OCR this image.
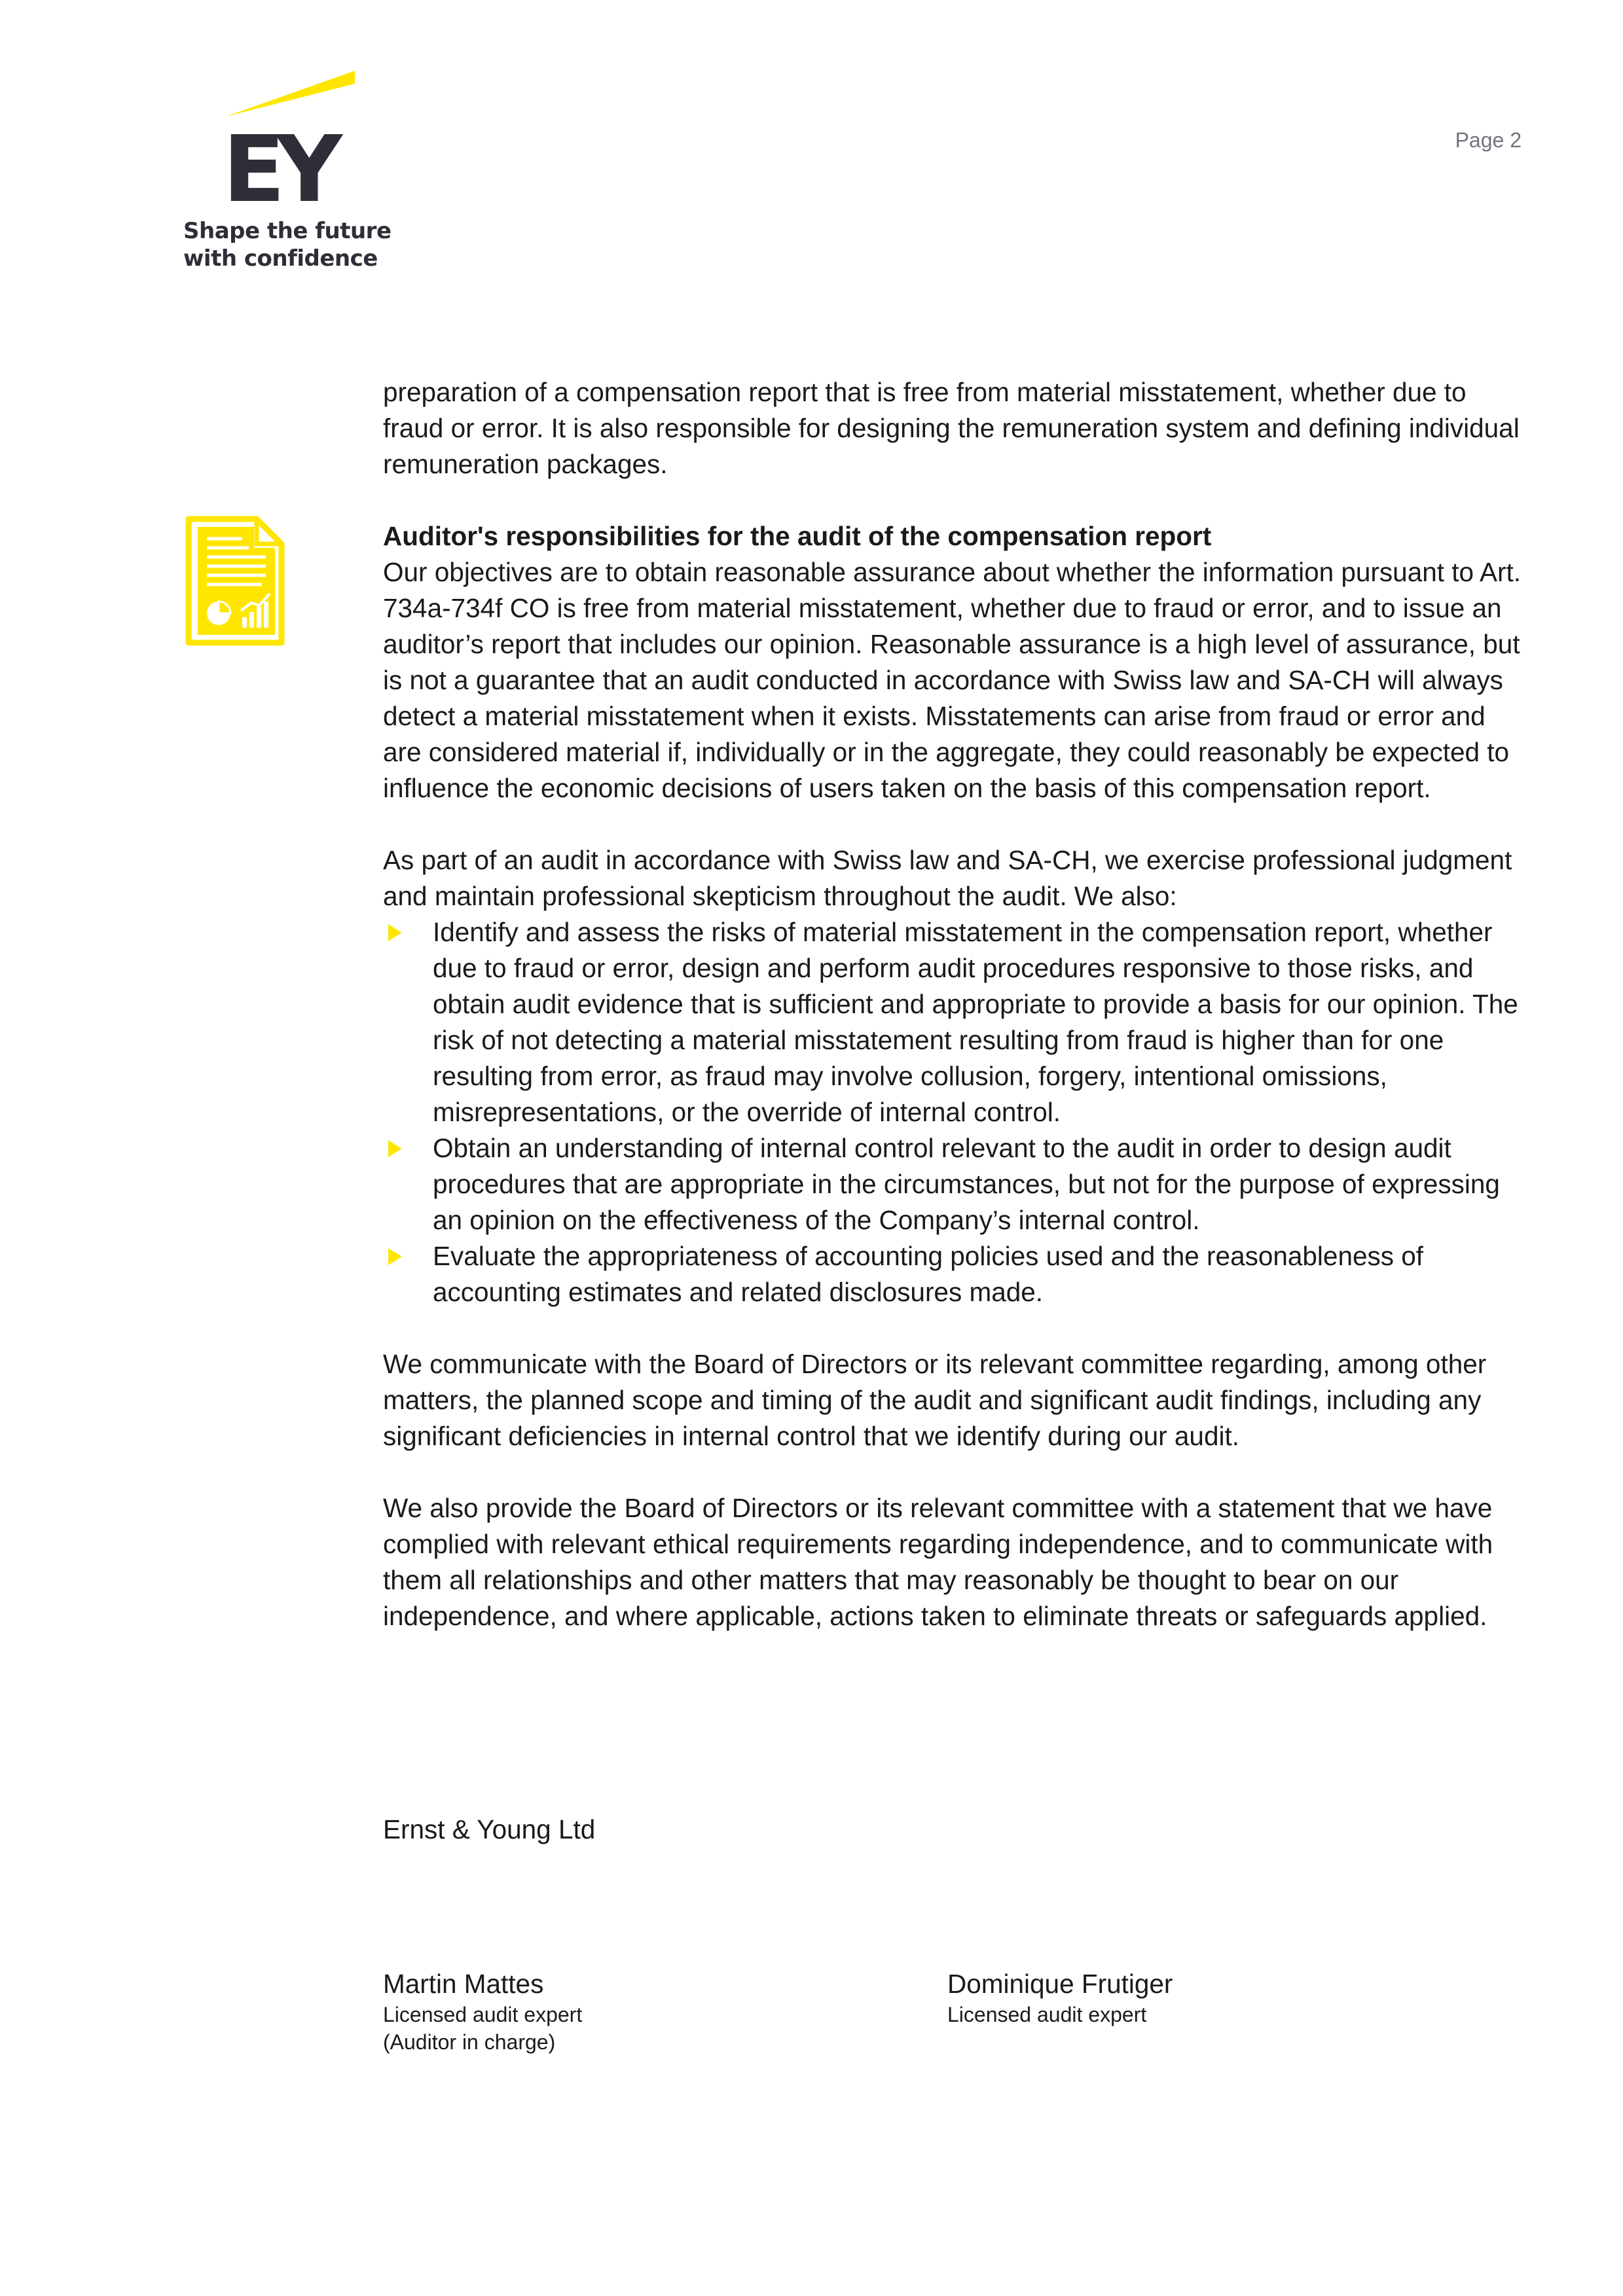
EY
Shape the future
with confidence
Page 2

preparation of a compensation report that is free from material misstatement, whether due to fraud or error. It is also responsible for designing the remuneration system and defining individual remuneration packages.

Auditor's responsibilities for the audit of the compensation report

Our objectives are to obtain reasonable assurance about whether the information pursuant to Art. 734a-734f CO is free from material misstatement, whether due to fraud or error, and to issue an auditor’s report that includes our opinion. Reasonable assurance is a high level of assurance, but is not a guarantee that an audit conducted in accordance with Swiss law and SA-CH will always detect a material misstatement when it exists. Misstatements can arise from fraud or error and are considered material if, individually or in the aggregate, they could reasonably be expected to influence the economic decisions of users taken on the basis of this compensation report.

As part of an audit in accordance with Swiss law and SA-CH, we exercise professional judgment and maintain professional skepticism throughout the audit. We also:

Identify and assess the risks of material misstatement in the compensation report, whether due to fraud or error, design and perform audit procedures responsive to those risks, and obtain audit evidence that is sufficient and appropriate to provide a basis for our opinion. The risk of not detecting a material misstatement resulting from fraud is higher than for one resulting from error, as fraud may involve collusion, forgery, intentional omissions, misrepresentations, or the override of internal control.
Obtain an understanding of internal control relevant to the audit in order to design audit procedures that are appropriate in the circumstances, but not for the purpose of expressing an opinion on the effectiveness of the Company’s internal control.
Evaluate the appropriateness of accounting policies used and the reasonableness of accounting estimates and related disclosures made.

We communicate with the Board of Directors or its relevant committee regarding, among other matters, the planned scope and timing of the audit and significant audit findings, including any significant deficiencies in internal control that we identify during our audit.

We also provide the Board of Directors or its relevant committee with a statement that we have complied with relevant ethical requirements regarding independence, and to communicate with them all relationships and other matters that may reasonably be thought to bear on our independence, and where applicable, actions taken to eliminate threats or safeguards applied.

Ernst & Young Ltd
Martin Mattes
Licensed audit expert
(Auditor in charge)
Dominique Frutiger
Licensed audit expert
